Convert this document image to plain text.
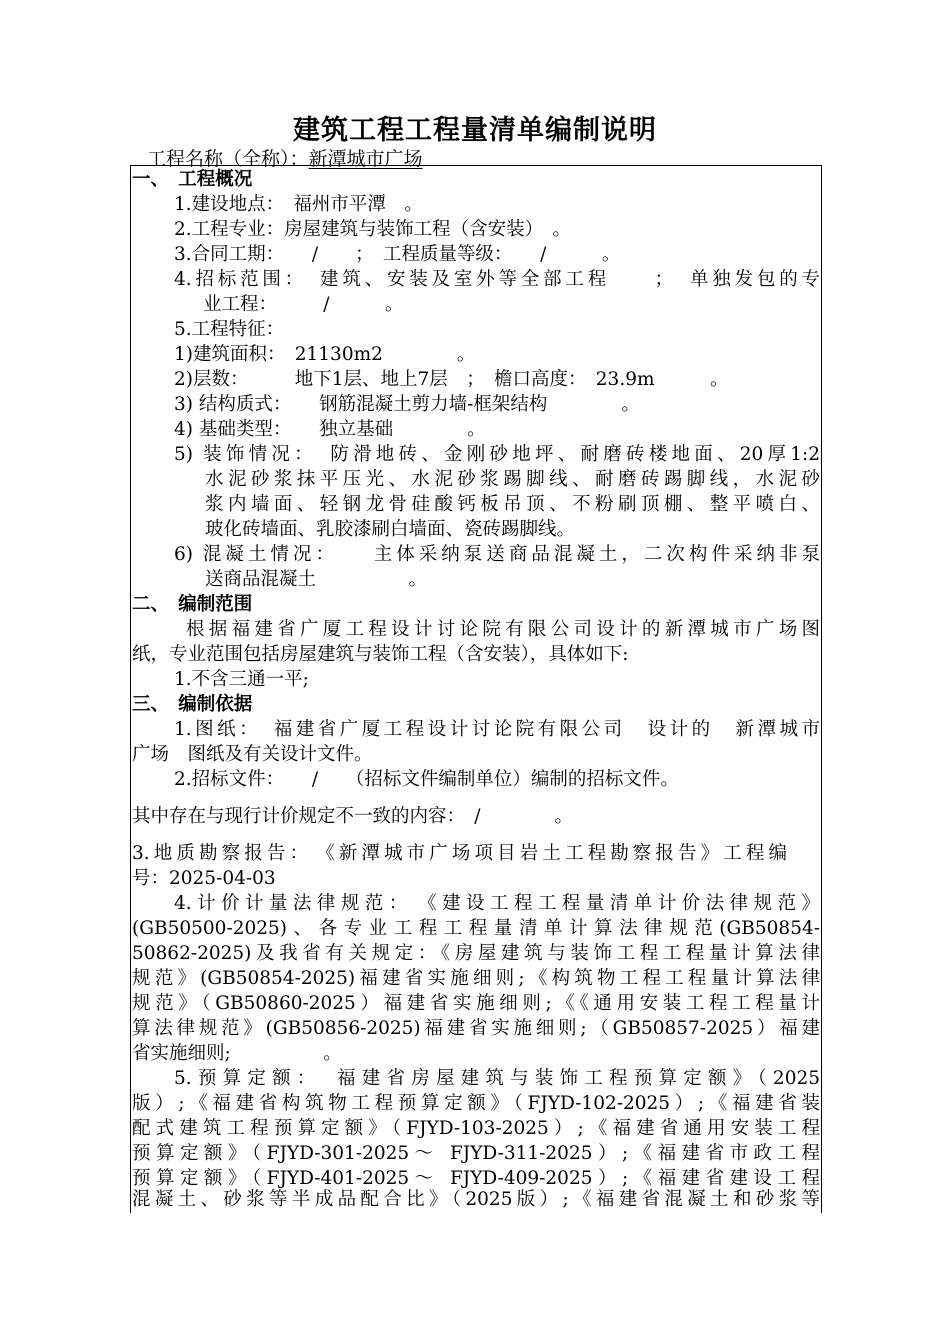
建筑工程工程量清单编制说明
工程名称（全称）：新潭城市广场
一、　工程概况
1.建设地点：　福州市平潭　。
2.工程专业：房屋建筑与装饰工程（含安装）　。
3.合同工期：　　/　　；　工程质量等级：　　/　　　。
4.招标范围：　建筑、安装及室外等全部工程　　；　单独发包的专
业工程：　　　/　　　。
5.工程特征：
1)建筑面积：　21130m2　　　　。
2)层数：　　　地下1层、地上7层　；　檐口高度：　23.9m　　　。
3) 结构质式：　　钢筋混凝土剪力墙-框架结构　　　　。
4) 基础类型：　　独立基础　　　　。
5) 装饰情况：　防滑地砖、金刚砂地坪、耐磨砖楼地面、20厚1:2
水泥砂浆抹平压光、水泥砂浆踢脚线、耐磨砖踢脚线，水泥砂
浆内墙面、轻钢龙骨硅酸钙板吊顶、不粉刷顶棚、整平喷白、
玻化砖墙面、乳胶漆刷白墙面、瓷砖踢脚线。
6) 混凝土情况：　　主体采纳泵送商品混凝土，二次构件采纳非泵
送商品混凝土　　　　　。
二、　编制范围
根据福建省广厦工程设计讨论院有限公司设计的新潭城市广场图
纸，专业范围包括房屋建筑与装饰工程（含安装），具体如下:
1.不含三通一平;
三、　编制依据
1.图纸：　福建省广厦工程设计讨论院有限公司　设计的　新潭城市
广场　图纸及有关设计文件。
2.招标文件：　　/　　（招标文件编制单位）编制的招标文件。
其中存在与现行计价规定不一致的内容：　/　　　　。
3.地质勘察报告：　《新潭城市广场项目岩土工程勘察报告》工程编
号：2025-04-03
4.计价计量法律规范：　《建设工程工程量清单计价法律规范》
(GB50500-2025)、各专业工程工程量清单计算法律规范(GB50854-
50862-2025)及我省有关规定：《房屋建筑与装饰工程工程量计算法律
规范》(GB50854-2025)福建省实施细则;《构筑物工程工程量计算法律
规范》（GB50860-2025）福建省实施细则;《《通用安装工程工程量计
算法律规范》(GB50856-2025)福建省实施细则;（GB50857-2025）福建
省实施细则;　　　　　。
5.预算定额：　福建省房屋建筑与装饰工程预算定额》（2025
版）;《福建省构筑物工程预算定额》（FJYD-102-2025）;《福建省装
配式建筑工程预算定额》（FJYD-103-2025）;《福建省通用安装工程
预算定额》（FJYD-301-2025～ FJYD-311-2025）;《福建省市政工程
预算定额》（FJYD-401-2025～ FJYD-409-2025）;《福建省建设工程
混凝土、砂浆等半成品配合比》（2025版）;《福建省混凝土和砂浆等
